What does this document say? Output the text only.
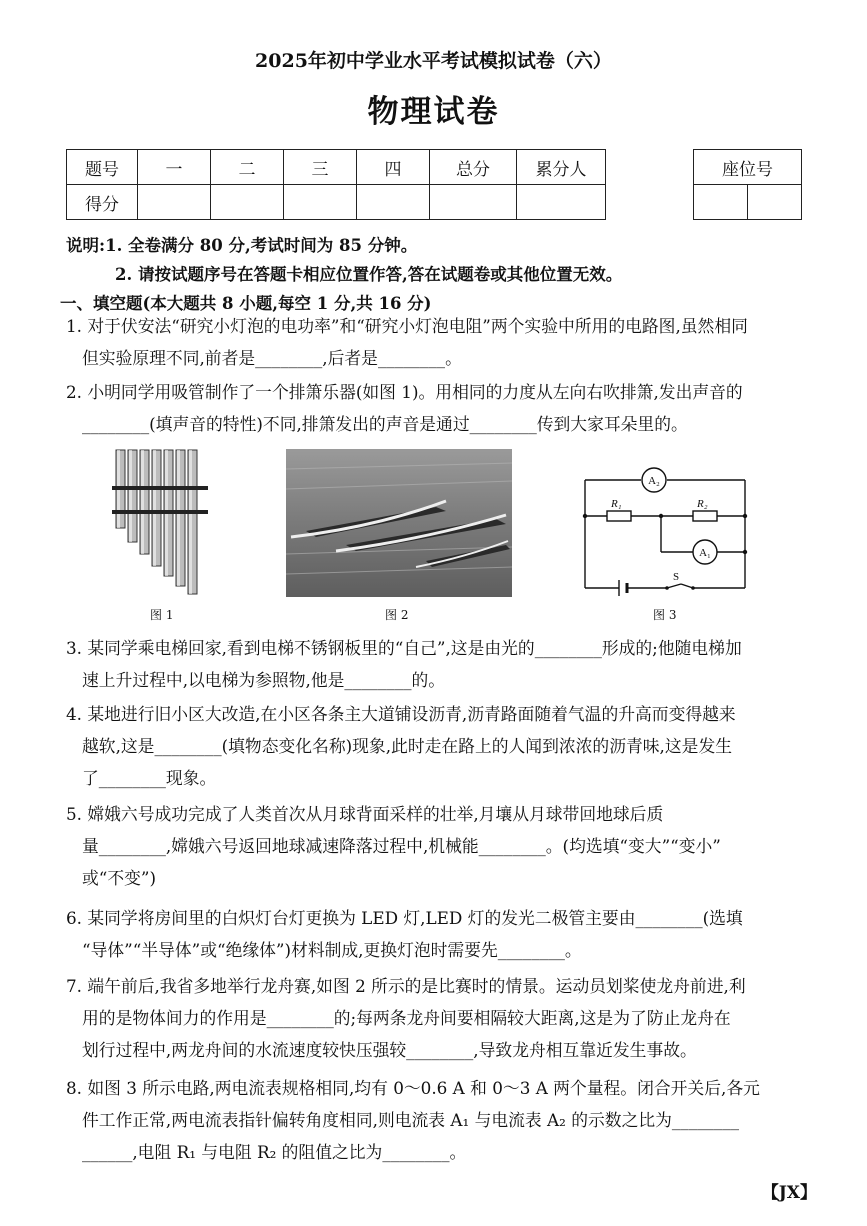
2025年初中学业水平考试模拟试卷（六）
物理试卷
题号	一	二	三	四	总分	累分人
得分						
座位号

说明:1. 全卷满分 80 分,考试时间为 85 分钟。
2. 请按试题序号在答题卡相应位置作答,答在试题卷或其他位置无效。
一、填空题(本大题共 8 小题,每空 1 分,共 16 分)
1. 对于伏安法“研究小灯泡的电功率”和“研究小灯泡电阻”两个实验中所用的电路图,虽然相同
但实验原理不同,前者是________,后者是________。
2. 小明同学用吸管制作了一个排箫乐器(如图 1)。用相同的力度从左向右吹排箫,发出声音的
________(填声音的特性)不同,排箫发出的声音是通过________传到大家耳朵里的。
图 1	图 2
A₂
A₁
R₁	R₂
S
图 3
3. 某同学乘电梯回家,看到电梯不锈钢板里的“自己”,这是由光的________形成的;他随电梯加
速上升过程中,以电梯为参照物,他是________的。
4. 某地进行旧小区大改造,在小区各条主大道铺设沥青,沥青路面随着气温的升高而变得越来
越软,这是________(填物态变化名称)现象,此时走在路上的人闻到浓浓的沥青味,这是发生
了________现象。
5. 嫦娥六号成功完成了人类首次从月球背面采样的壮举,月壤从月球带回地球后质
量________,嫦娥六号返回地球减速降落过程中,机械能________。(均选填“变大”“变小”
或“不变”)
6. 某同学将房间里的白炽灯台灯更换为 LED 灯,LED 灯的发光二极管主要由________(选填
“导体”“半导体”或“绝缘体”)材料制成,更换灯泡时需要先________。
7. 端午前后,我省多地举行龙舟赛,如图 2 所示的是比赛时的情景。运动员划桨使龙舟前进,利
用的是物体间力的作用是________的;每两条龙舟间要相隔较大距离,这是为了防止龙舟在
划行过程中,两龙舟间的水流速度较快压强较________,导致龙舟相互靠近发生事故。
8. 如图 3 所示电路,两电流表规格相同,均有 0～0.6 A 和 0～3 A 两个量程。闭合开关后,各元
件工作正常,两电流表指针偏转角度相同,则电流表 A₁ 与电流表 A₂ 的示数之比为________
______,电阻 R₁ 与电阻 R₂ 的阻值之比为________。
【JX】
